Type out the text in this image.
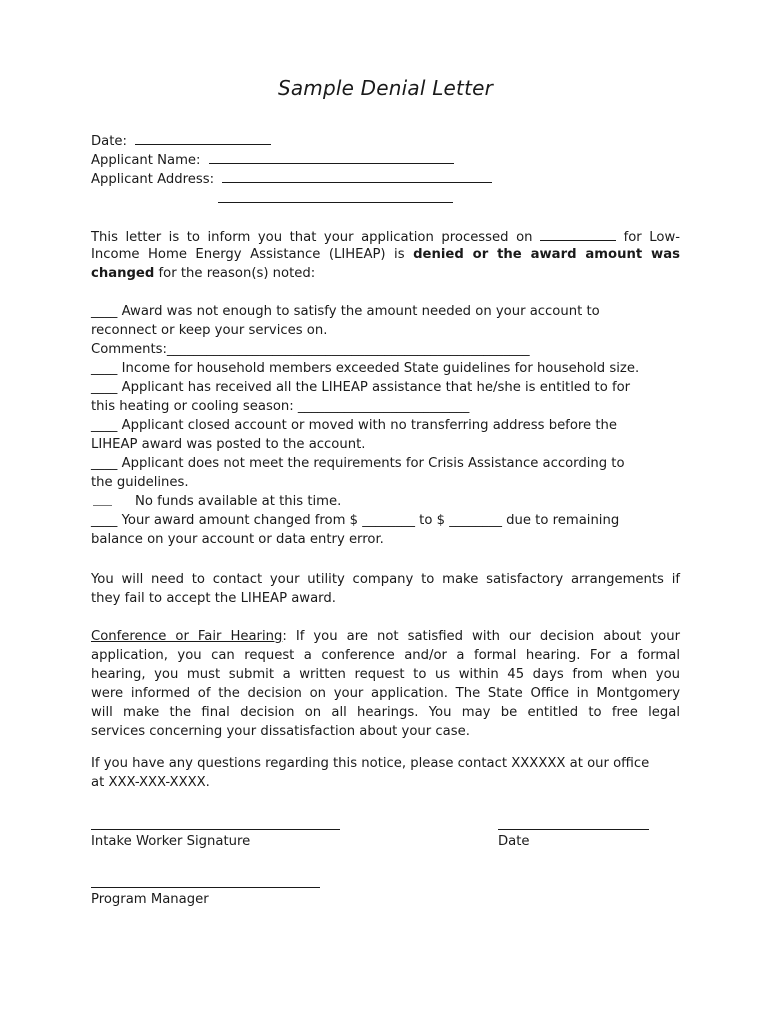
Sample Denial Letter
Date:
Applicant Name:
Applicant Address:
This letter is to inform you that your application processed on	for Low-
Income Home Energy Assistance (LIHEAP) is denied or the award amount was
changed for the reason(s) noted:
____ Award was not enough to satisfy the amount needed on your account to
reconnect or keep your services on.
Comments:_______________________________________________________
____ Income for household members exceeded State guidelines for household size.
____ Applicant has received all the LIHEAP assistance that he/she is entitled to for
this heating or cooling season: __________________________
____ Applicant closed account or moved with no transferring address before the
LIHEAP award was posted to the account.
____ Applicant does not meet the requirements for Crisis Assistance according to
the guidelines.
No funds available at this time.
____ Your award amount changed from $ ________ to $ ________ due to remaining
balance on your account or data entry error.
You will need to contact your utility company to make satisfactory arrangements if
they fail to accept the LIHEAP award.
Conference or Fair Hearing: If you are not satisfied with our decision about your
application, you can request a conference and/or a formal hearing. For a formal
hearing, you must submit a written request to us within 45 days from when you
were informed of the decision on your application. The State Office in Montgomery
will make the final decision on all hearings. You may be entitled to free legal
services concerning your dissatisfaction about your case.
If you have any questions regarding this notice, please contact XXXXXX at our office
at XXX-XXX-XXXX.
Intake Worker Signature	Date
Program Manager
